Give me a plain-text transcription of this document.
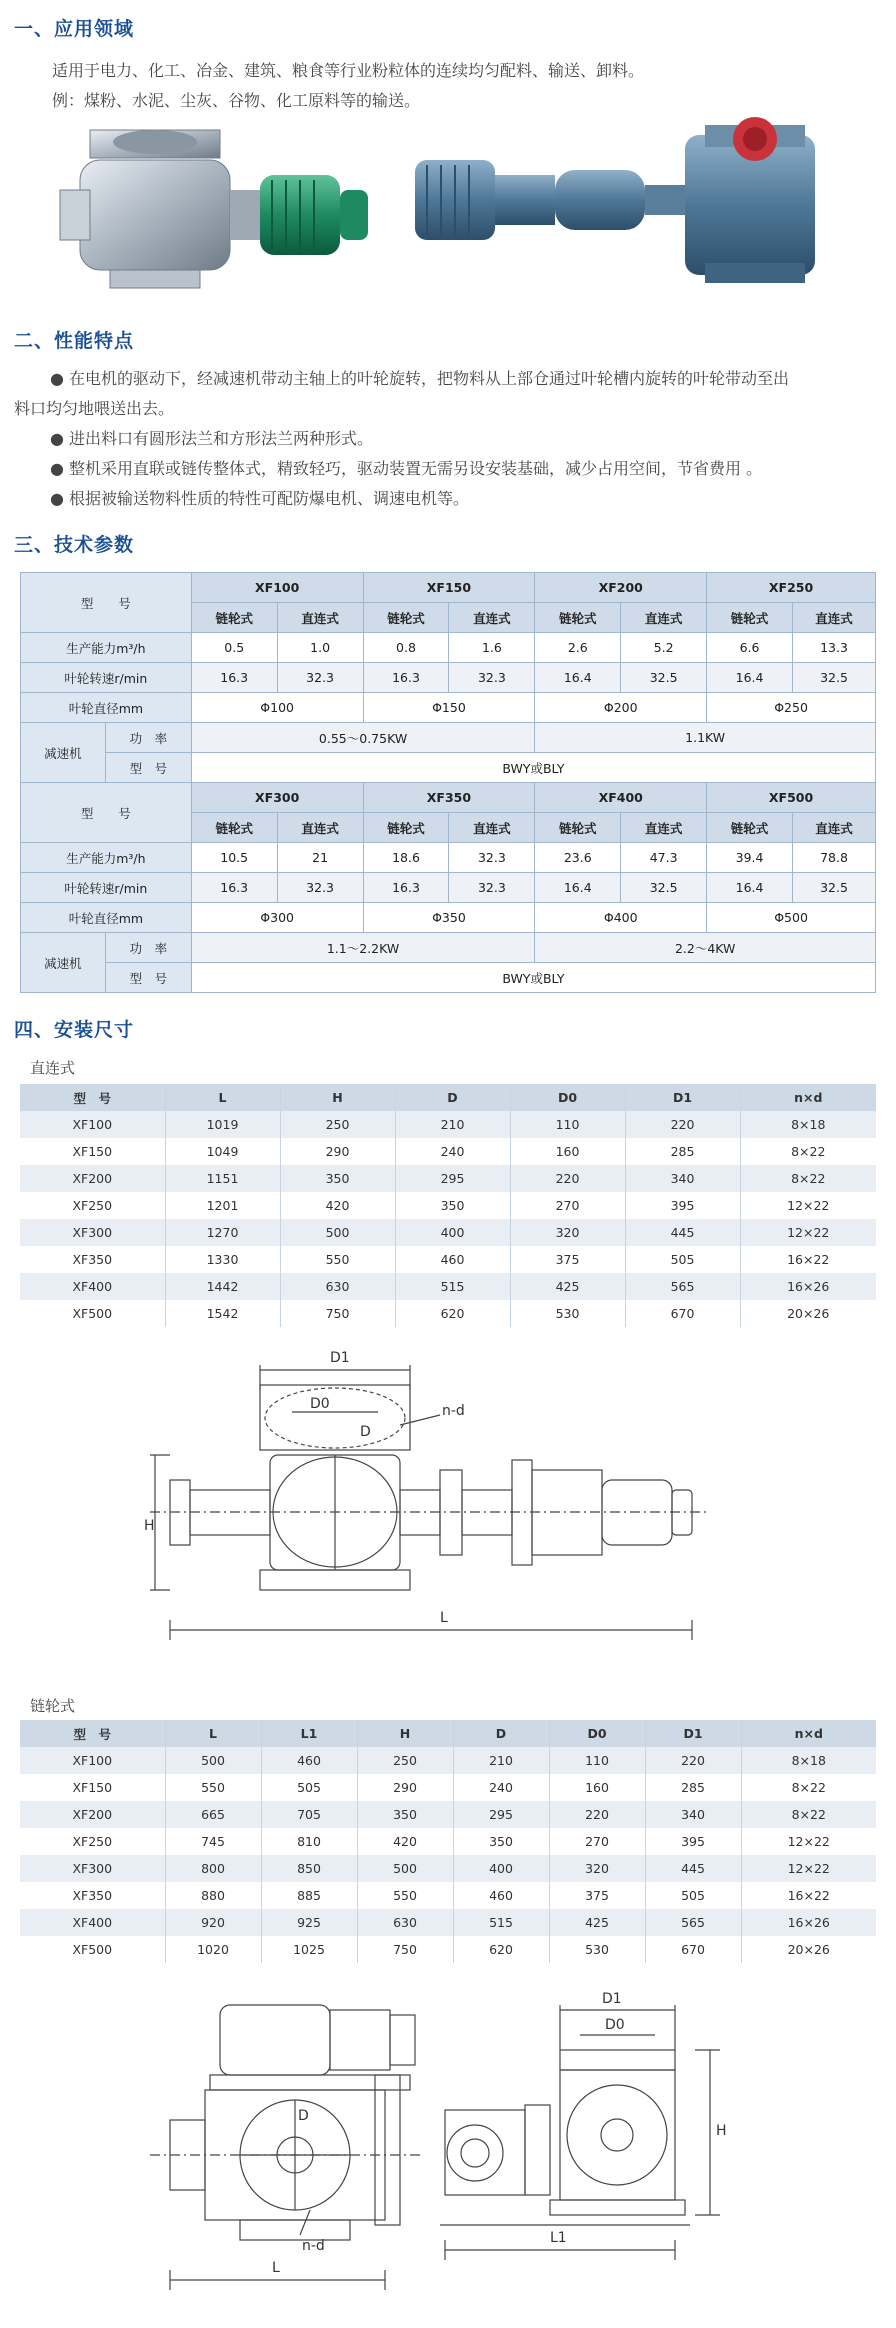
一、应用领域
适用于电力、化工、冶金、建筑、粮食等行业粉粒体的连续均匀配料、输送、卸料。
例：煤粉、水泥、尘灰、谷物、化工原料等的输送。
二、性能特点
● 在电机的驱动下，经减速机带动主轴上的叶轮旋转，把物料从上部仓通过叶轮槽内旋转的叶轮带动至出
料口均匀地喂送出去。
● 进出料口有圆形法兰和方形法兰两种形式。
● 整机采用直联或链传整体式，精致轻巧，驱动装置无需另设安装基础，减少占用空间，节省费用 。
● 根据被输送物料性质的特性可配防爆电机、调速电机等。
三、技术参数
型　　号		XF100		XF150		XF200		XF250	
		链轮式	直连式	链轮式	直连式	链轮式	直连式	链轮式	直连式
生产能力m³/h		0.5	1.0	0.8	1.6	2.6	5.2	6.6	13.3
叶轮转速r/min		16.3	32.3	16.3	32.3	16.4	32.5	16.4	32.5
叶轮直径mm		Φ100		Φ150		Φ200		Φ250	
减速机	功　率	0.55～0.75KW				1.1KW			
	型　号	BWY或BLY							
型　　号		XF300		XF350		XF400		XF500	
		链轮式	直连式	链轮式	直连式	链轮式	直连式	链轮式	直连式
生产能力m³/h		10.5	21	18.6	32.3	23.6	47.3	39.4	78.8
叶轮转速r/min		16.3	32.3	16.3	32.3	16.4	32.5	16.4	32.5
叶轮直径mm		Φ300		Φ350		Φ400		Φ500	
减速机	功　率	1.1～2.2KW				2.2～4KW			
	型　号	BWY或BLY							
四、安装尺寸
直连式
型　号	L	H	D	D0	D1	n×d
XF100	1019	250	210	110	220	8×18
XF150	1049	290	240	160	285	8×22
XF200	1151	350	295	220	340	8×22
XF250	1201	420	350	270	395	12×22
XF300	1270	500	400	320	445	12×22
XF350	1330	550	460	375	505	16×22
XF400	1442	630	515	425	565	16×26
XF500	1542	750	620	530	670	20×26
D1
D0
D
n-d
H
L
链轮式
型　号	L	L1	H	D	D0	D1	n×d
XF100	500	460	250	210	110	220	8×18
XF150	550	505	290	240	160	285	8×22
XF200	665	705	350	295	220	340	8×22
XF250	745	810	420	350	270	395	12×22
XF300	800	850	500	400	320	445	12×22
XF350	880	885	550	460	375	505	16×22
XF400	920	925	630	515	425	565	16×26
XF500	1020	1025	750	620	530	670	20×26
D
n-d
L
D1
D0
H
L1
